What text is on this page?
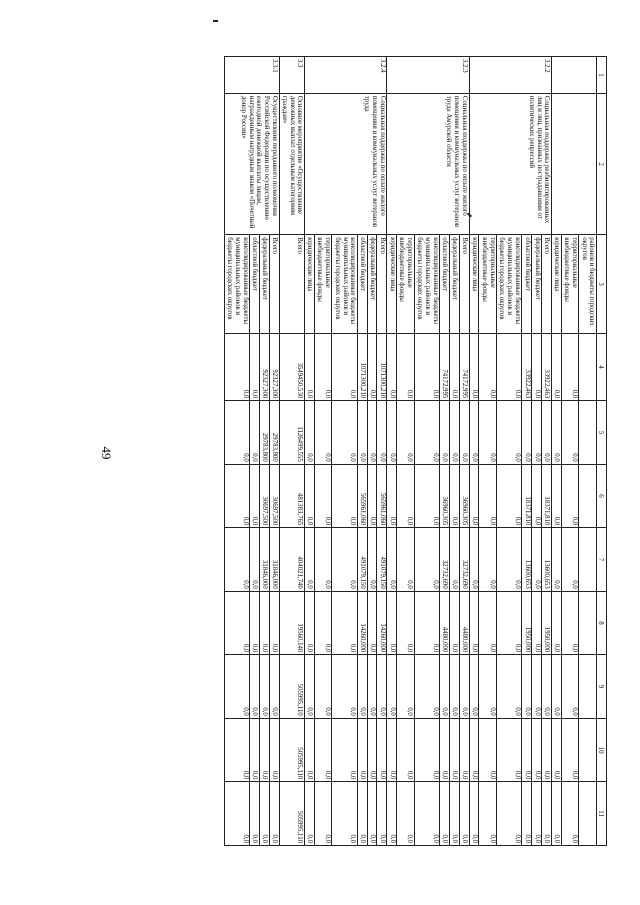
49
1	2	3	4	5	6	7	8	9	10	11
		районов и бюджеты городских округов								
		территориальные внебюджетные фонды	0,0	0,0	0,0	0,0	0,0	0,0	0,0	0,0
		юридические лица	0,0	0,0	0,0	0,0	0,0	0,0	0,0	0,0
3.2.2	Социальная поддержка реабилитированных лиц и лиц, признанных пострадавшими от политических репрессий	Всего	33922,463	0,0	18371,810	13600,653	1950,000	0,0	0,0	0,0
		федеральный бюджет	0,0	0,0	0,0	0,0	0,0	0,0	0,0	0,0
		областной бюджет	33922,463	0,0	18371,810	13600,653	1950,000	0,0	0,0	0,0
		консолидированные бюджеты муниципальных районов и бюджеты городских округов	0,0	0,0	0,0	0,0	0,0	0,0	0,0	0,0
		территориальные внебюджетные фонды	0,0	0,0	0,0	0,0	0,0	0,0	0,0	0,0
		юридические лица	0,0	0,0	0,0	0,0	0,0	0,0	0,0	0,0
3.2.3	Социальная поддержка по оплате жилого помещения и коммунальных услуг ветеранов труда Амурской области	Всего	74172,995	0,0	36960,305	32732,690	4480,000	0,0	0,0	0,0
		федеральный бюджет	0,0	0,0	0,0	0,0	0,0	0,0	0,0	0,0
		областной бюджет	74172,995	0,0	36960,305	32732,690	4480,000	0,0	0,0	0,0
		консолидированные бюджеты муниципальных районов и бюджеты городских округов	0,0	0,0	0,0	0,0	0,0	0,0	0,0	0,0
		территориальные внебюджетные фонды	0,0	0,0	0,0	0,0	0,0	0,0	0,0	0,0
		юридические лица	0,0	0,0	0,0	0,0	0,0	0,0	0,0	0,0
3.2.4	Социальная поддержка по оплате жилого помещения и коммунальных услуг ветеранов труда	Всего	1071300,210	0,0	565961,060	491079,150	14260,000	0,0	0,0	0,0
		федеральный бюджет	0,0	0,0	0,0	0,0	0,0	0,0	0,0	0,0
		областной бюджет	1071300,210	0,0	565961,060	491079,150	14260,000	0,0	0,0	0,0
		консолидированные бюджеты муниципальных районов и бюджеты городских округов	0,0	0,0	0,0	0,0	0,0	0,0	0,0	0,0
		территориальные внебюджетные фонды	0,0	0,0	0,0	0,0	0,0	0,0	0,0	0,0
		юридические лица	0,0	0,0	0,0	0,0	0,0	0,0	0,0	0,0
3.3	Основное мероприятие «Осуществление денежных выплат отдельным категориям граждан»	Всего	3549450,530	1126499,555	481383,765	404021,740	19560,140	505995,110	505995,110	505995,110
3.3.1	Осуществление переданного полномочия Российской Федерации по осуществлению ежегодной денежной выплаты лицам, награжденным нагрудным знаком «Почетный донор России»	Всего	92327,300	29783,800	30697,500	31846,000	0,0	0,0	0,0	0,0
		федеральный бюджет	92327,300	29783,800	30697,500	31846,000	0,0	0,0	0,0	0,0
		областной бюджет	0,0	0,0	0,0	0,0	0,0	0,0	0,0	0,0
		консолидированные бюджеты муниципальных районов и бюджеты городских округов	0,0	0,0	0,0	0,0	0,0	0,0	0,0	0,0
